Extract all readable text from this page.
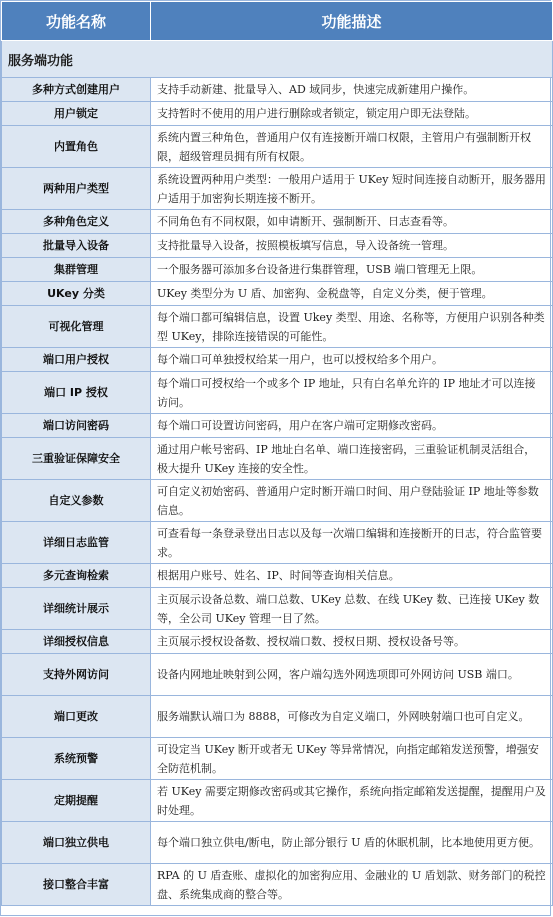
功能名称	功能描述
服务端功能	
多种方式创建用户	支持手动新建、批量导入、AD 域同步，快速完成新建用户操作。
用户锁定	支持暂时不使用的用户进行删除或者锁定，锁定用户即无法登陆。
内置角色	系统内置三种角色，普通用户仅有连接断开端口权限，主管用户有强制断开权限，超级管理员拥有所有权限。
两种用户类型	系统设置两种用户类型：一般用户适用于 UKey 短时间连接自动断开，服务器用户适用于加密狗长期连接不断开。
多种角色定义	不同角色有不同权限，如申请断开、强制断开、日志查看等。
批量导入设备	支持批量导入设备，按照模板填写信息，导入设备统一管理。
集群管理	一个服务器可添加多台设备进行集群管理，USB 端口管理无上限。
UKey 分类	UKey 类型分为 U 盾、加密狗、金税盘等，自定义分类，便于管理。
可视化管理	每个端口都可编辑信息，设置 Ukey 类型、用途、名称等，方便用户识别各种类型 UKey，排除连接错误的可能性。
端口用户授权	每个端口可单独授权给某一用户，也可以授权给多个用户。
端口 IP 授权	每个端口可授权给一个或多个 IP 地址，只有白名单允许的 IP 地址才可以连接访问。
端口访问密码	每个端口可设置访问密码，用户在客户端可定期修改密码。
三重验证保障安全	通过用户帐号密码、IP 地址白名单、端口连接密码，三重验证机制灵活组合，极大提升 UKey 连接的安全性。
自定义参数	可自定义初始密码、普通用户定时断开端口时间、用户登陆验证 IP 地址等参数信息。
详细日志监管	可查看每一条登录登出日志以及每一次端口编辑和连接断开的日志，符合监管要求。
多元查询检索	根据用户账号、姓名、IP、时间等查询相关信息。
详细统计展示	主页展示设备总数、端口总数、UKey 总数、在线 UKey 数、已连接 UKey 数等，全公司 UKey 管理一目了然。
详细授权信息	主页展示授权设备数、授权端口数、授权日期、授权设备号等。
支持外网访问	设备内网地址映射到公网，客户端勾选外网选项即可外网访问 USB 端口。
端口更改	服务端默认端口为 8888，可修改为自定义端口，外网映射端口也可自定义。
系统预警	可设定当 UKey 断开或者无 UKey 等异常情况，向指定邮箱发送预警，增强安全防范机制。
定期提醒	若 UKey 需要定期修改密码或其它操作，系统向指定邮箱发送提醒，提醒用户及时处理。
端口独立供电	每个端口独立供电/断电，防止部分银行 U 盾的休眠机制，比本地使用更方便。
接口整合丰富	RPA 的 U 盾查账、虚拟化的加密狗应用、金融业的 U 盾划款、财务部门的税控盘、系统集成商的整合等。
